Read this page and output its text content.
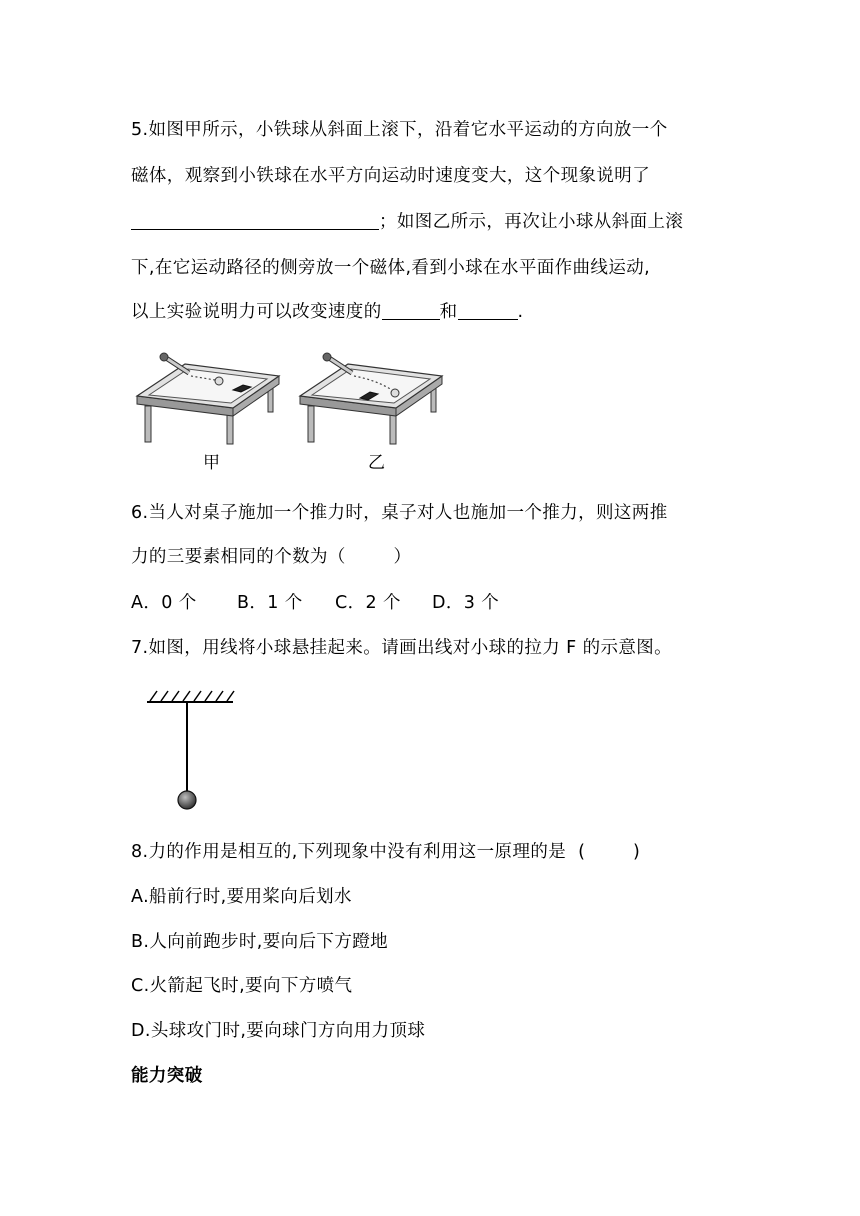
5.如图甲所示，小铁球从斜面上滚下，沿着它水平运动的方向放一个
磁体，观察到小铁球在水平方向运动时速度变大，这个现象说明了
；如图乙所示，再次让小球从斜面上滚
下,在它运动路径的侧旁放一个磁体,看到小球在水平面作曲线运动,
以上实验说明力可以改变速度的	和	.
甲	乙
6.当人对桌子施加一个推力时，桌子对人也施加一个推力，则这两推
力的三要素相同的个数为（        ）
A．0 个 B．1 个 C．2 个 D．3 个
7.如图，用线将小球悬挂起来。请画出线对小球的拉力 F 的示意图。
8.力的作用是相互的,下列现象中没有利用这一原理的是  (        )
A.船前行时,要用桨向后划水
B.人向前跑步时,要向后下方蹬地
C.火箭起飞时,要向下方喷气
D.头球攻门时,要向球门方向用力顶球
能力突破
